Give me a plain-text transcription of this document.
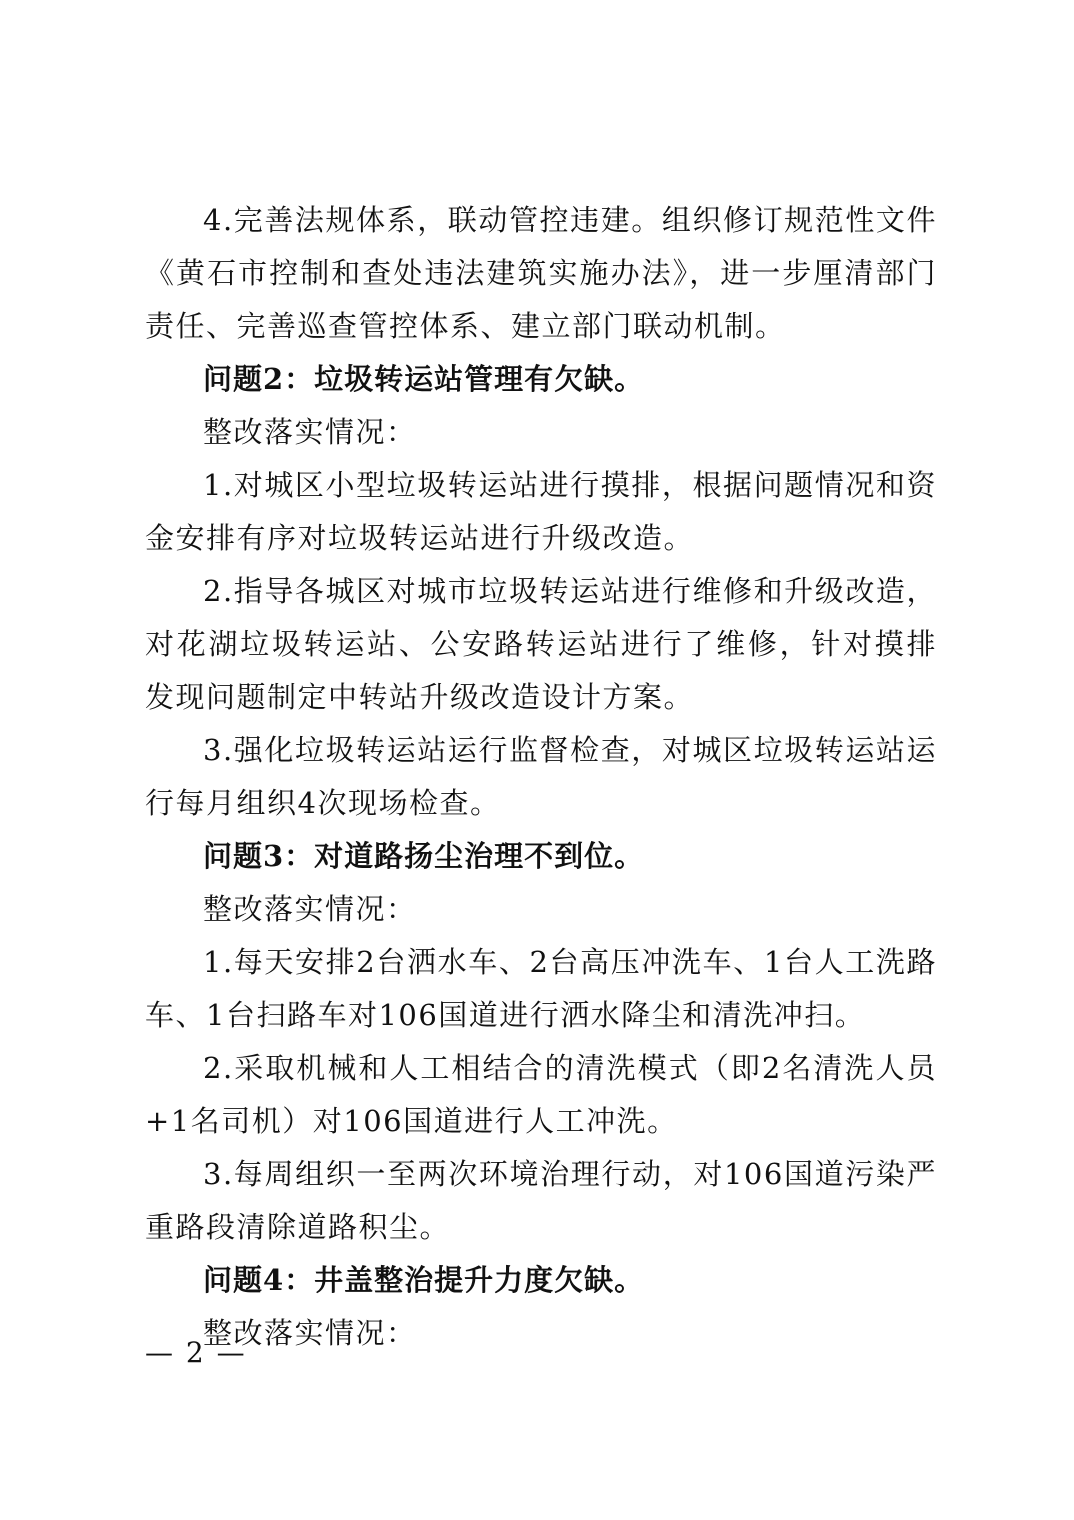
4.完善法规体系，联动管控违建。组织修订规范性文件《黄石市控制和查处违法建筑实施办法》，进一步厘清部门责任、完善巡查管控体系、建立部门联动机制。

问题2：垃圾转运站管理有欠缺。

整改落实情况：

1.对城区小型垃圾转运站进行摸排，根据问题情况和资金安排有序对垃圾转运站进行升级改造。

2.指导各城区对城市垃圾转运站进行维修和升级改造，对花湖垃圾转运站、公安路转运站进行了维修，针对摸排发现问题制定中转站升级改造设计方案。

3.强化垃圾转运站运行监督检查，对城区垃圾转运站运行每月组织4次现场检查。

问题3：对道路扬尘治理不到位。

整改落实情况：

1.每天安排2台洒水车、2台高压冲洗车、1台人工洗路车、1台扫路车对106国道进行洒水降尘和清洗冲扫。

2.采取机械和人工相结合的清洗模式（即2名清洗人员+1名司机）对106国道进行人工冲洗。

3.每周组织一至两次环境治理行动，对106国道污染严重路段清除道路积尘。

问题4：井盖整治提升力度欠缺。

整改落实情况：

— 2 —
